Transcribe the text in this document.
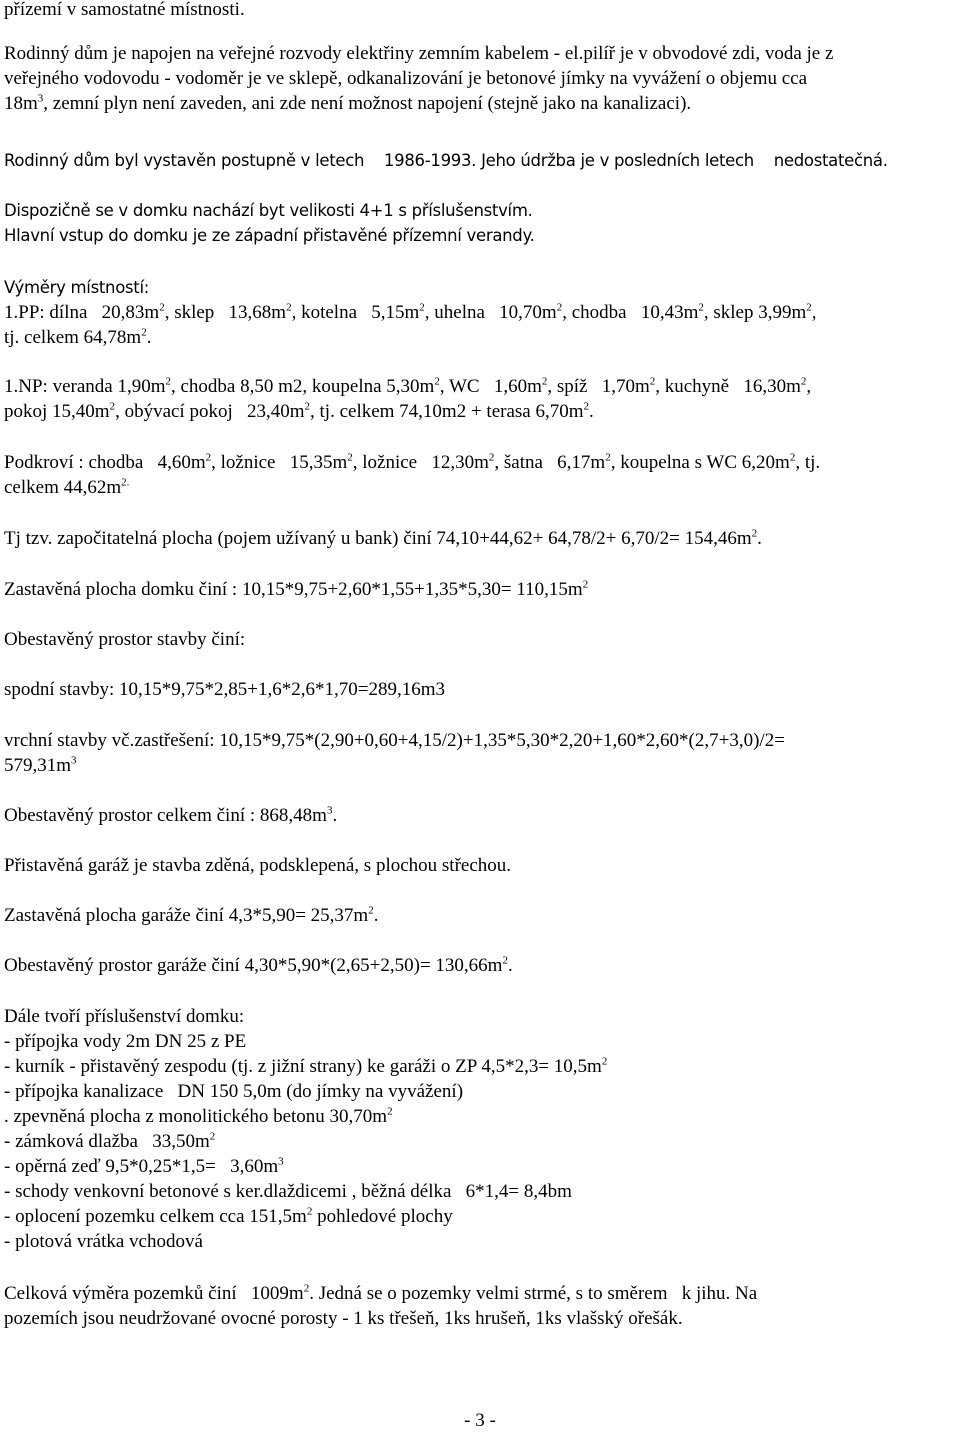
přízemí v samostatné místnosti.
Rodinný dům je napojen na veřejné rozvody elektřiny zemním kabelem - el.pilíř je v obvodové zdi, voda je z
veřejného vodovodu - vodoměr je ve sklepě, odkanalizování je betonové jímky na vyvážení o objemu cca
$18m^3$, zemní plyn není zaveden, ani zde není možnost napojení (stejně jako na kanalizaci).
Rodinný dům byl vystavěn postupně v letech    1986-1993. Jeho údržba je v posledních letech    nedostatečná.
Dispozičně se v domku nachází byt velikosti 4+1 s příslušenstvím.
Hlavní vstup do domku je ze západní přistavěné přízemní verandy.
Výměry místností:
1.PP: dílna   $20,83m^2$, sklep   $13,68m^2$, kotelna   $5,15m^2$, uhelna   $10,70m^2$, chodba   $10,43m^2$, sklep $3,99m^2$,
tj. celkem $64,78m^2$.
1.NP: veranda $1,90m^2$, chodba 8,50 m2, koupelna $5,30m^2$, WC   $1,60m^2$, spíž   $1,70m^2$, kuchyně   $16,30m^2$,
pokoj $15,40m^2$, obývací pokoj   $23,40m^2$, tj. celkem 74,10m2 + terasa $6,70m^2$.
Podkroví : chodba   $4,60m^2$, ložnice   $15,35m^2$, ložnice   $12,30m^2$, šatna   $6,17m^2$, koupelna s WC $6,20m^2$, tj.
celkem $44,62m^{2.}$
Tj tzv. započitatelná plocha (pojem užívaný u bank) činí $74,10+44,62+ 64,78/2+ 6,70/2= 154,46m^2$.
Zastavěná plocha domku činí : $10,15*9,75+2,60*1,55+1,35*5,30= 110,15m^2$
Obestavěný prostor stavby činí:
spodní stavby: 10,15*9,75*2,85+1,6*2,6*1,70=289,16m3
vrchní stavby vč.zastřešení: 10,15*9,75*(2,90+0,60+4,15/2)+1,35*5,30*2,20+1,60*2,60*(2,7+3,0)/2=
$579,31m^3$
Obestavěný prostor celkem činí : $868,48m^3$.
Přistavěná garáž je stavba zděná, podsklepená, s plochou střechou.
Zastavěná plocha garáže činí $4,3*5,90= 25,37m^2$.
Obestavěný prostor garáže činí $4,30*5,90*(2,65+2,50)= 130,66m^2$.
Dále tvoří příslušenství domku:
- přípojka vody 2m DN 25 z PE
- kurník - přistavěný zespodu (tj. z jižní strany) ke garáži o ZP $4,5*2,3= 10,5m^2$
- přípojka kanalizace   DN 150 5,0m (do jímky na vyvážení)
. zpevněná plocha z monolitického betonu $30,70m^2$
- zámková dlažba   $33,50m^2$
- opěrná zeď $9,5*0,25*1,5= 3,60m^3$
- schody venkovní betonové s ker.dlaždicemi , běžná délka   6*1,4= 8,4bm
- oplocení pozemku celkem cca $151,5m^2$ pohledové plochy
- plotová vrátka vchodová
Celková výměra pozemků činí   $1009m^2$. Jedná se o pozemky velmi strmé, s to směrem   k jihu. Na
pozemích jsou neudržované ovocné porosty - 1 ks třešeň, 1ks hrušeň, 1ks vlašský ořešák.
- 3 -
